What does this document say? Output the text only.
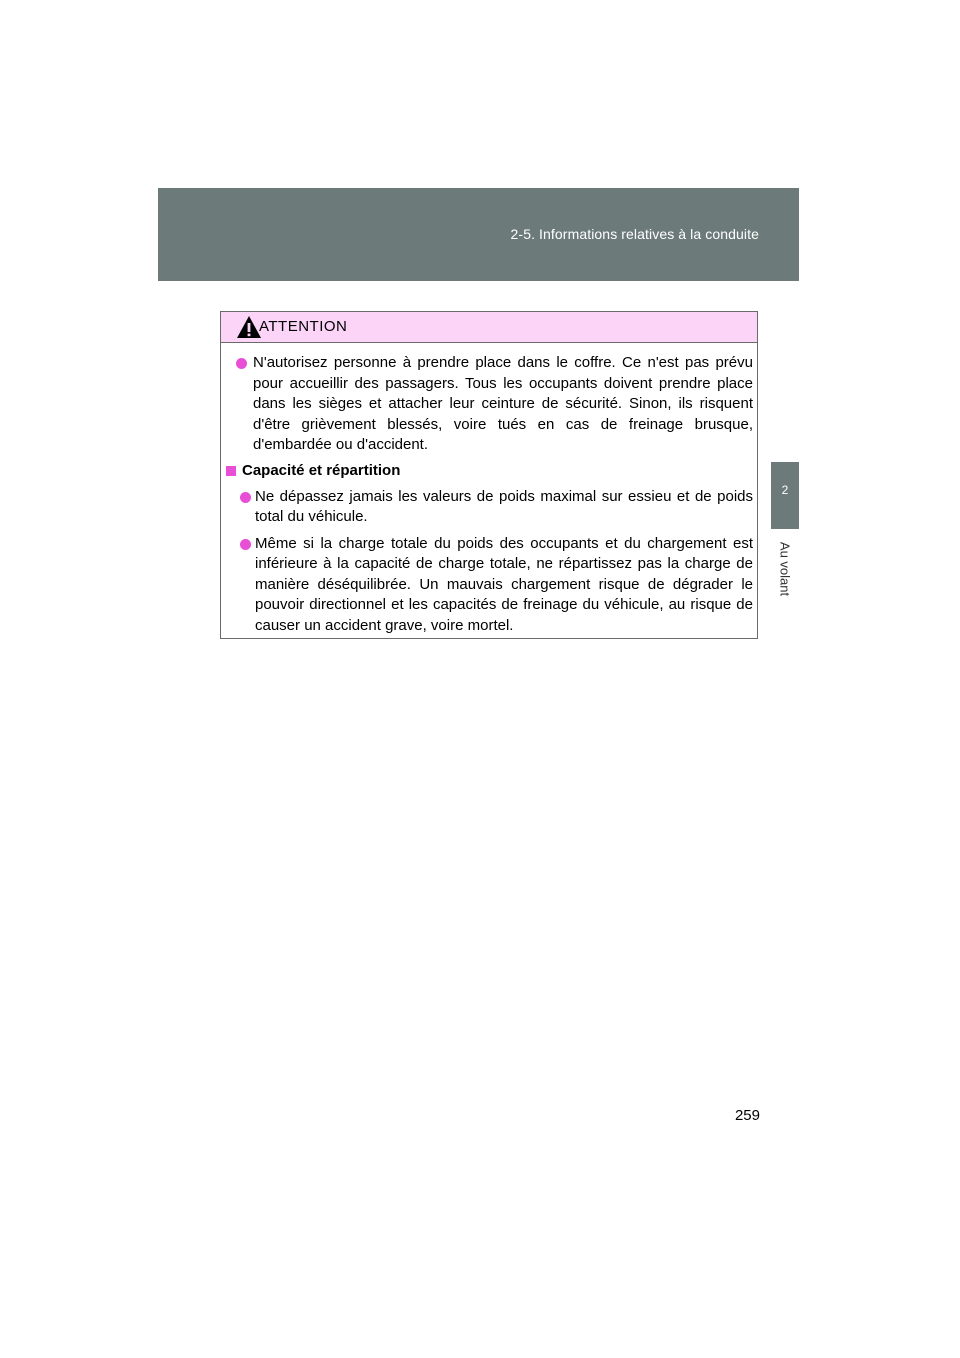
2-5. Informations relatives à la conduite
2
Au volant
ATTENTION
N'autorisez personne à prendre place dans le coffre. Ce n'est pas prévu pour accueillir des passagers. Tous les occupants doivent prendre place dans les sièges et attacher leur ceinture de sécurité. Sinon, ils risquent d'être grièvement blessés, voire tués en cas de freinage brusque, d'embardée ou d'accident.
Capacité et répartition
Ne dépassez jamais les valeurs de poids maximal sur essieu et de poids total du véhicule.
Même si la charge totale du poids des occupants et du chargement est inférieure à la capacité de charge totale, ne répartissez pas la charge de manière déséquilibrée. Un mauvais chargement risque de dégrader le pouvoir directionnel et les capacités de freinage du véhicule, au risque de causer un accident grave, voire mortel.
259
